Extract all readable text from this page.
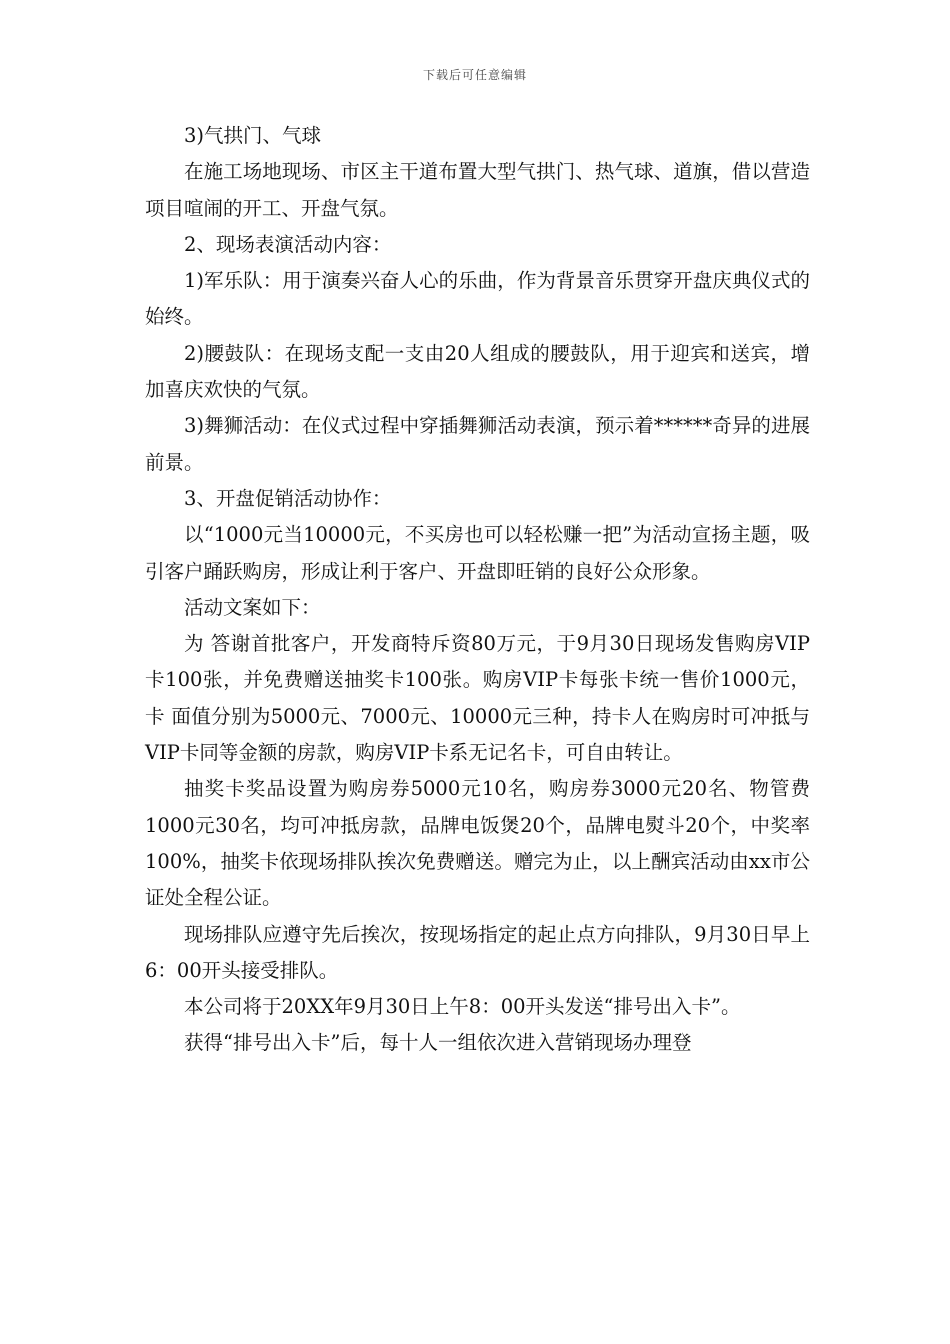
下载后可任意编辑

3)气拱门、气球

在施工场地现场、市区主干道布置大型气拱门、热气球、道旗，借以营造项目喧闹的开工、开盘气氛。

2、现场表演活动内容：

1)军乐队：用于演奏兴奋人心的乐曲，作为背景音乐贯穿开盘庆典仪式的始终。

2)腰鼓队：在现场支配一支由20人组成的腰鼓队，用于迎宾和送宾，增加喜庆欢快的气氛。

3)舞狮活动：在仪式过程中穿插舞狮活动表演，预示着******奇异的进展前景。

3、开盘促销活动协作：

以“1000元当10000元，不买房也可以轻松赚一把”为活动宣扬主题，吸引客户踊跃购房，形成让利于客户、开盘即旺销的良好公众形象。

活动文案如下：

为 答谢首批客户，开发商特斥资80万元，于9月30日现场发售购房VIP卡100张，并免费赠送抽奖卡100张。购房VIP卡每张卡统一售价1000元，卡 面值分别为5000元、7000元、10000元三种，持卡人在购房时可冲抵与VIP卡同等金额的房款，购房VIP卡系无记名卡，可自由转让。

抽奖卡奖品设置为购房券5000元10名，购房券3000元20名、物管费1000元30名，均可冲抵房款，品牌电饭煲20个，品牌电熨斗20个，中奖率100%，抽奖卡依现场排队挨次免费赠送。赠完为止，以上酬宾活动由xx市公证处全程公证。

现场排队应遵守先后挨次，按现场指定的起止点方向排队，9月30日早上6：00开头接受排队。

本公司将于20XX年9月30日上午8：00开头发送“排号出入卡”。

获得“排号出入卡”后，每十人一组依次进入营销现场办理登
